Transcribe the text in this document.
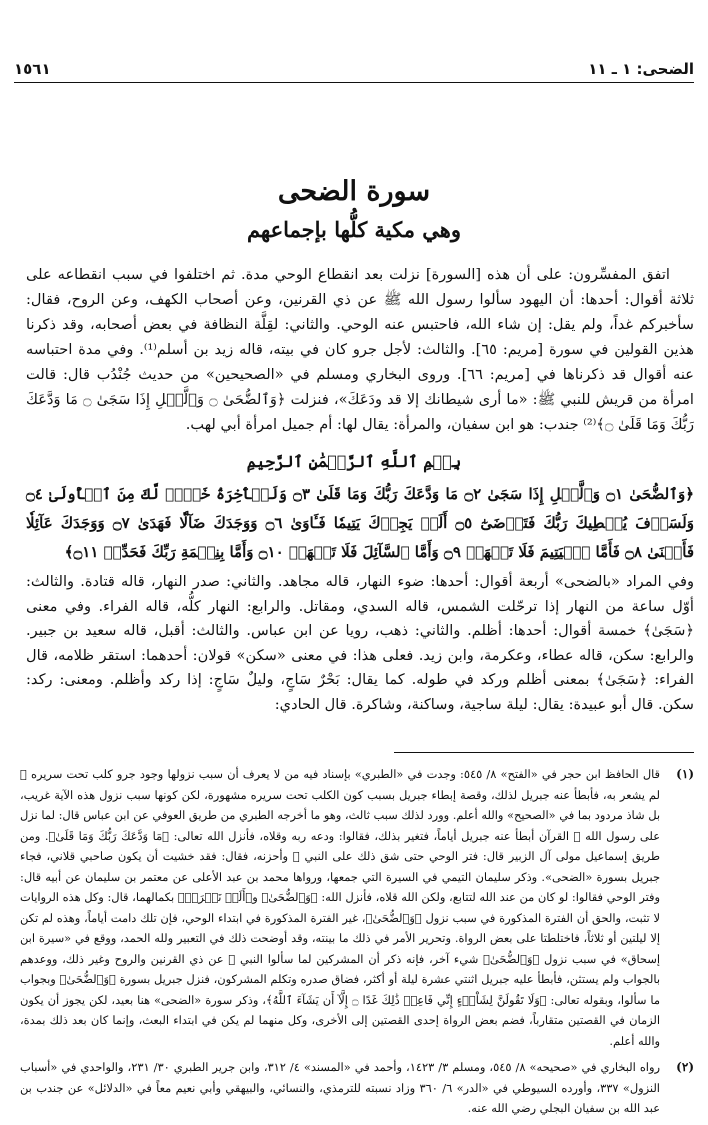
الضحى: ١ ـ ١١
١٥٦١
سورة الضحى
وهي مكية كلُّها بإجماعهم

اتفق المفسِّرون: على أن هذه [السورة] نزلت بعد انقطاع الوحي مدة. ثم اختلفوا في سبب انقطاعه على ثلاثة أقوال: أحدها: أن اليهود سألوا رسول الله ﷺ عن ذي القرنين، وعن أصحاب الكهف، وعن الروح، فقال: سأخبركم غداً، ولم يقل: إن شاء الله، فاحتبس عنه الوحي. والثاني: لقِلَّة النظافة في بعض أصحابه، وقد ذكرنا هذين القولين في سورة [مريم: ٦٥]. والثالث: لأجل جرو كان في بيته، قاله زيد بن أسلم⁽¹⁾. وفي مدة احتباسه عنه أقوال قد ذكرناها في [مريم: ٦٦]. وروى البخاري ومسلم في «الصحيحين» من حديث جُنْدُب قال: قالت امرأة من قريش للنبي ﷺ: «ما أرى شيطانك إلا قد ودَعَكَ»، فنزلت ﴿وَٱلضُّحَىٰ ۝ وَٱلَّيۡلِ إِذَا سَجَىٰ ۝ مَا وَدَّعَكَ رَبُّكَ وَمَا قَلَىٰ ۝﴾⁽²⁾ جندب: هو ابن سفيان، والمرأة: يقال لها: أم جميل امرأة أبي لهب.

بِسۡمِ ٱللَّهِ ٱلرَّحۡمَٰنِ ٱلرَّحِيمِ
﴿وَٱلضُّحَىٰ ۝١ وَٱلَّيۡلِ إِذَا سَجَىٰ ۝٢ مَا وَدَّعَكَ رَبُّكَ وَمَا قَلَىٰ ۝٣ وَلَلۡأٓخِرَةُ خَيۡرٞ لَّكَ مِنَ ٱلۡأُولَىٰ ۝٤ وَلَسَوۡفَ يُعۡطِيكَ رَبُّكَ فَتَرۡضَىٰٓ ۝٥ أَلَمۡ يَجِدۡكَ يَتِيمٗا فَـَٔاوَىٰ ۝٦ وَوَجَدَكَ ضَآلّٗا فَهَدَىٰ ۝٧ وَوَجَدَكَ عَآئِلٗا فَأَغۡنَىٰ ۝٨ فَأَمَّا ٱلۡيَتِيمَ فَلَا تَقۡهَرۡ ۝٩ وَأَمَّا ٱلسَّآئِلَ فَلَا تَنۡهَرۡ ۝١٠ وَأَمَّا بِنِعۡمَةِ رَبِّكَ فَحَدِّثۡ ۝١١﴾

وفي المراد «بالضحى» أربعة أقوال: أحدها: ضوء النهار، قاله مجاهد. والثاني: صدر النهار، قاله قتادة. والثالث: أوّل ساعة من النهار إذا ترحّلت الشمس، قاله السدي، ومقاتل. والرابع: النهار كلُّه، قاله الفراء. وفي معنى ﴿سَجَىٰ﴾ خمسة أقوال: أحدها: أظلم. والثاني: ذهب، رويا عن ابن عباس. والثالث: أقبل، قاله سعيد بن جبير. والرابع: سكن، قاله عطاء، وعكرمة، وابن زيد. فعلى هذا: في معنى «سكن» قولان: أحدهما: استقر ظلامه، قال الفراء: ﴿سَجَىٰ﴾ بمعنى أظلم وركد في طوله. كما يقال: بَحْرٌ سَاجٍ، وليلٌ سَاجٍ: إذا ركد وأظلم. ومعنى: ركد: سكن. قال أبو عبيدة: يقال: ليلة ساجية، وساكنة، وشاكرة. قال الحادي:

(١)
قال الحافظ ابن حجر في «الفتح» ٨/ ٥٤٥: وجدت في «الطبري» بإسناد فيه من لا يعرف أن سبب نزولها وجود جرو كلب تحت سريره ﷺ لم يشعر به، فأبطأ عنه جبريل لذلك، وقصة إبطاء جبريل بسبب كون الكلب تحت سريره مشهورة، لكن كونها سبب نزول هذه الآية غريب، بل شاذ مردود بما في «الصحيح» والله أعلم. وورد لذلك سبب ثالث، وهو ما أخرجه الطبري من طريق العوفي عن ابن عباس قال: لما نزل على رسول الله ﷺ القرآن أبطأ عنه جبريل أياماً، فتغير بذلك، فقالوا: ودعه ربه وقلاه، فأنزل الله تعالى: ﴿مَا وَدَّعَكَ رَبُّكَ وَمَا قَلَىٰ﴾. ومن طريق إسماعيل مولى آل الزبير قال: فتر الوحي حتى شق ذلك على النبي ﷺ وأحزنه، فقال: فقد خشيت أن يكون صاحبي قلاني، فجاء جبريل بسورة «الضحى». وذكر سليمان التيمي في السيرة التي جمعها، ورواها محمد بن عبد الأعلى عن معتمر بن سليمان عن أبيه قال: وفتر الوحي فقالوا: لو كان من عند الله لتتابع، ولكن الله قلاه، فأنزل الله: ﴿وَٱلضُّحَىٰ﴾ و﴿أَلَمۡ نَشۡرَحۡ﴾ بكمالهما، قال: وكل هذه الروايات لا تثبت، والحق أن الفترة المذكورة في سبب نزول ﴿وَٱلضُّحَىٰ﴾، غير الفترة المذكورة في ابتداء الوحي، فإن تلك دامت أياماً، وهذه لم تكن إلا ليلتين أو ثلاثاً، فاختلطتا على بعض الرواة. وتحرير الأمر في ذلك ما بينته، وقد أوضحت ذلك في التعبير ولله الحمد، ووقع في «سيرة ابن إسحاق» في سبب نزول ﴿وَٱلضُّحَىٰ﴾ شيء آخر، فإنه ذكر أن المشركين لما سألوا النبي ﷺ عن ذي القرنين والروح وغير ذلك، ووعدهم بالجواب ولم يستثن، فأبطأ عليه جبريل اثنتي عشرة ليلة أو أكثر، فضاق صدره وتكلم المشركون، فنزل جبريل بسورة ﴿وَٱلضُّحَىٰ﴾ وبجواب ما سألوا، وبقوله تعالى: ﴿وَلَا تَقُولَنَّ لِشَاْيۡءٍ إِنِّي فَاعِلٞ ذَٰلِكَ غَدًا ۝ إِلَّآ أَن يَشَآءَ ٱللَّهُ﴾، وذكر سورة «الضحى» هنا بعيد، لكن يجوز أن يكون الزمان في القصتين متقارباً، فضم بعض الرواة إحدى القصتين إلى الأخرى، وكل منهما لم يكن في ابتداء البعث، وإنما كان بعد ذلك بمدة، والله أعلم.
(٢)
رواه البخاري في «صحيحه» ٨/ ٥٤٥، ومسلم ٣/ ١٤٢٣، وأحمد في «المسند» ٤/ ٣١٢، وابن جرير الطبري ٣٠/ ٢٣١، والواحدي في «أسباب النزول» ٣٣٧، وأورده السيوطي في «الدر» ٦/ ٣٦٠ وزاد نسبته للترمذي، والنسائي، والبيهقي وأبي نعيم معاً في «الدلائل» عن جندب بن عبد الله بن سفيان البجلي رضي الله عنه.
